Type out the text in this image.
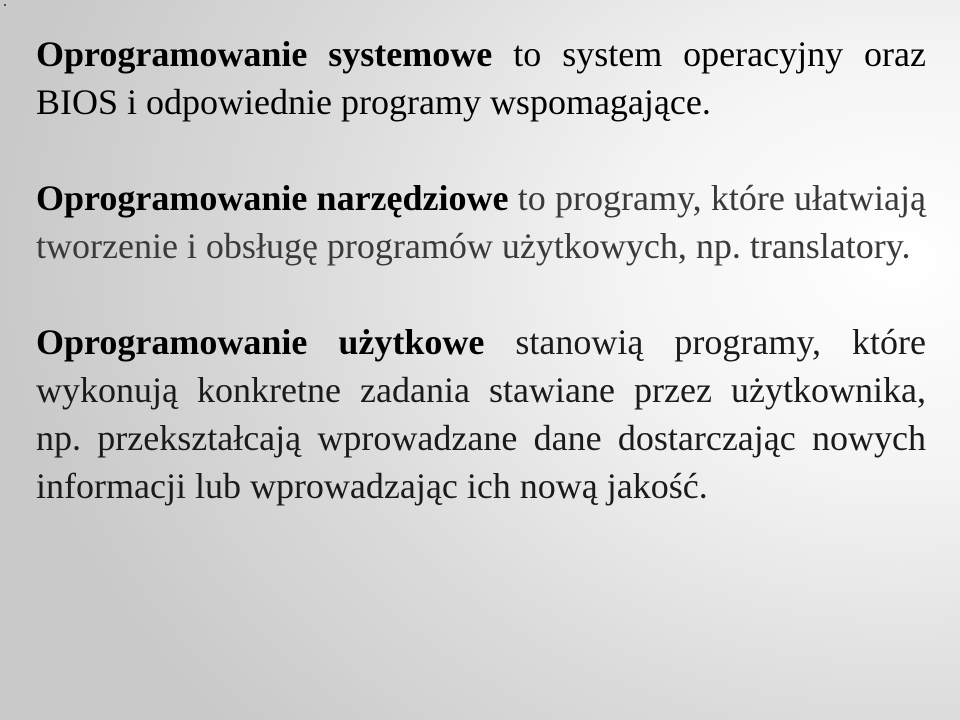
Oprogramowanie systemowe to system operacyjny oraz BIOS i odpowiednie programy wspomagające.

Oprogramowanie narzędziowe to programy, które ułatwiają tworzenie i obsługę programów użytkowych, np. translatory.

Oprogramowanie użytkowe stanowią programy, które wykonują konkretne zadania stawiane przez użytkownika, np. przekształcają wprowadzane dane dostarczając nowych informacji lub wprowadzając ich nową jakość.
